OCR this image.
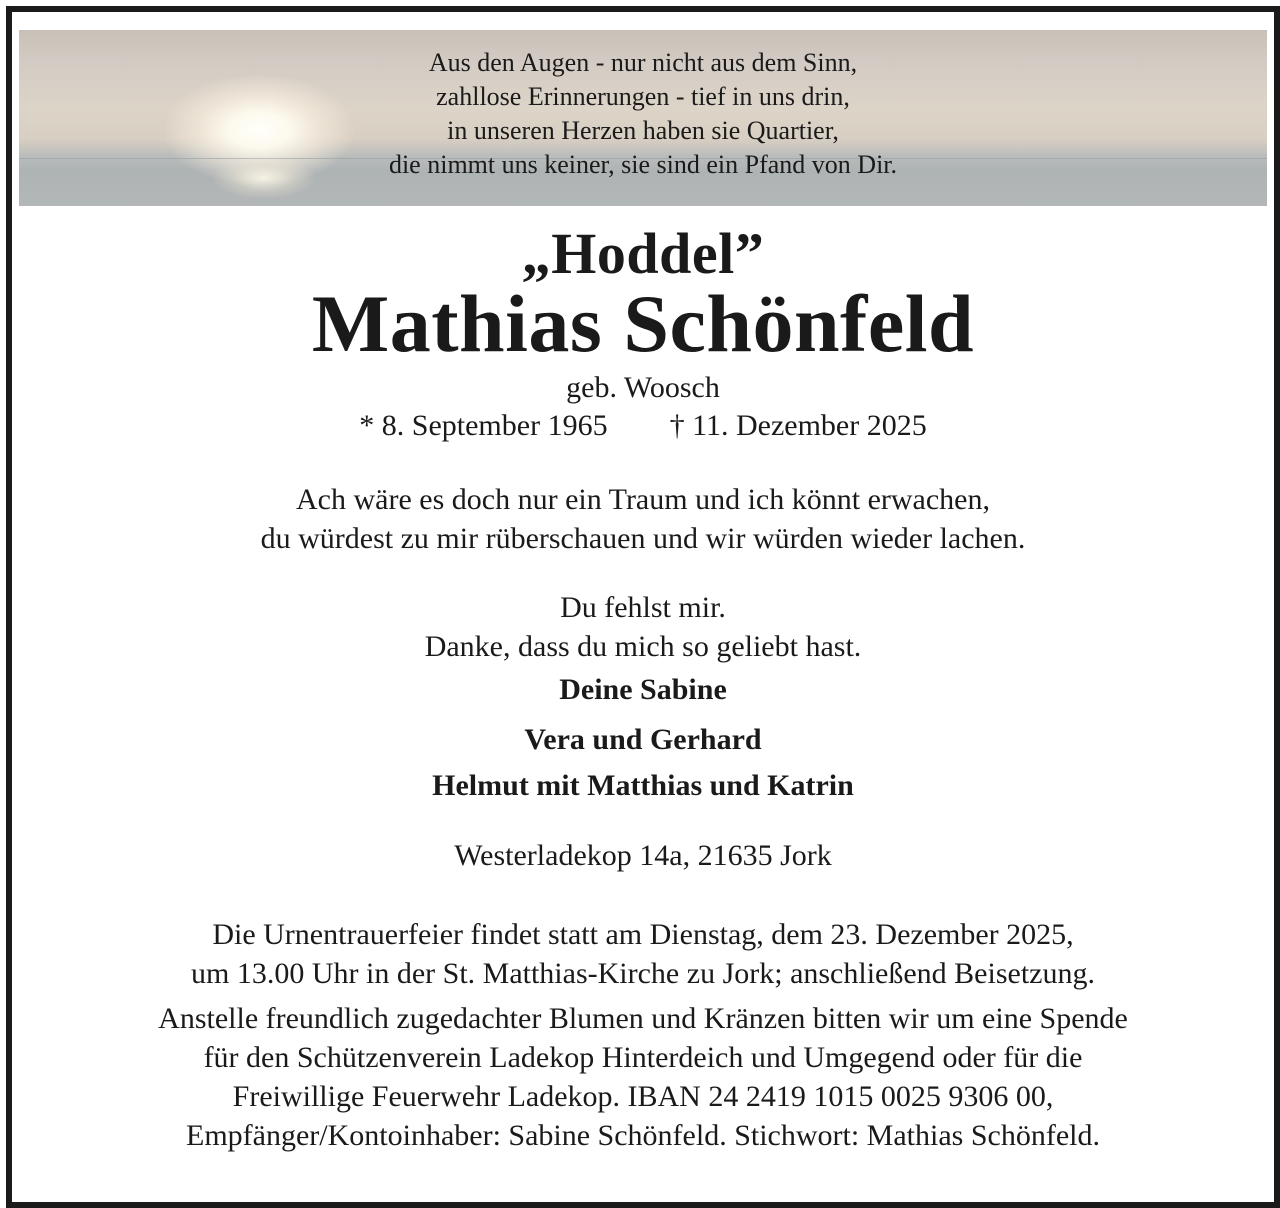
Aus den Augen - nur nicht aus dem Sinn,
zahllose Erinnerungen - tief in uns drin,
in unseren Herzen haben sie Quartier,
die nimmt uns keiner, sie sind ein Pfand von Dir.
„Hoddel”
Mathias Schönfeld
geb. Woosch
* 8. September 1965 † 11. Dezember 2025
Ach wäre es doch nur ein Traum und ich könnt erwachen,
du würdest zu mir rüberschauen und wir würden wieder lachen.
Du fehlst mir.
Danke, dass du mich so geliebt hast.
Deine Sabine
Vera und Gerhard
Helmut mit Matthias und Katrin
Westerladekop 14a, 21635 Jork
Die Urnentrauerfeier findet statt am Dienstag, dem 23. Dezember 2025,
um 13.00 Uhr in der St. Matthias-Kirche zu Jork; anschließend Beisetzung.
Anstelle freundlich zugedachter Blumen und Kränzen bitten wir um eine Spende
für den Schützenverein Ladekop Hinterdeich und Umgegend oder für die
Freiwillige Feuerwehr Ladekop. IBAN 24 2419 1015 0025 9306 00,
Empfänger/Kontoinhaber: Sabine Schönfeld. Stichwort: Mathias Schönfeld.
